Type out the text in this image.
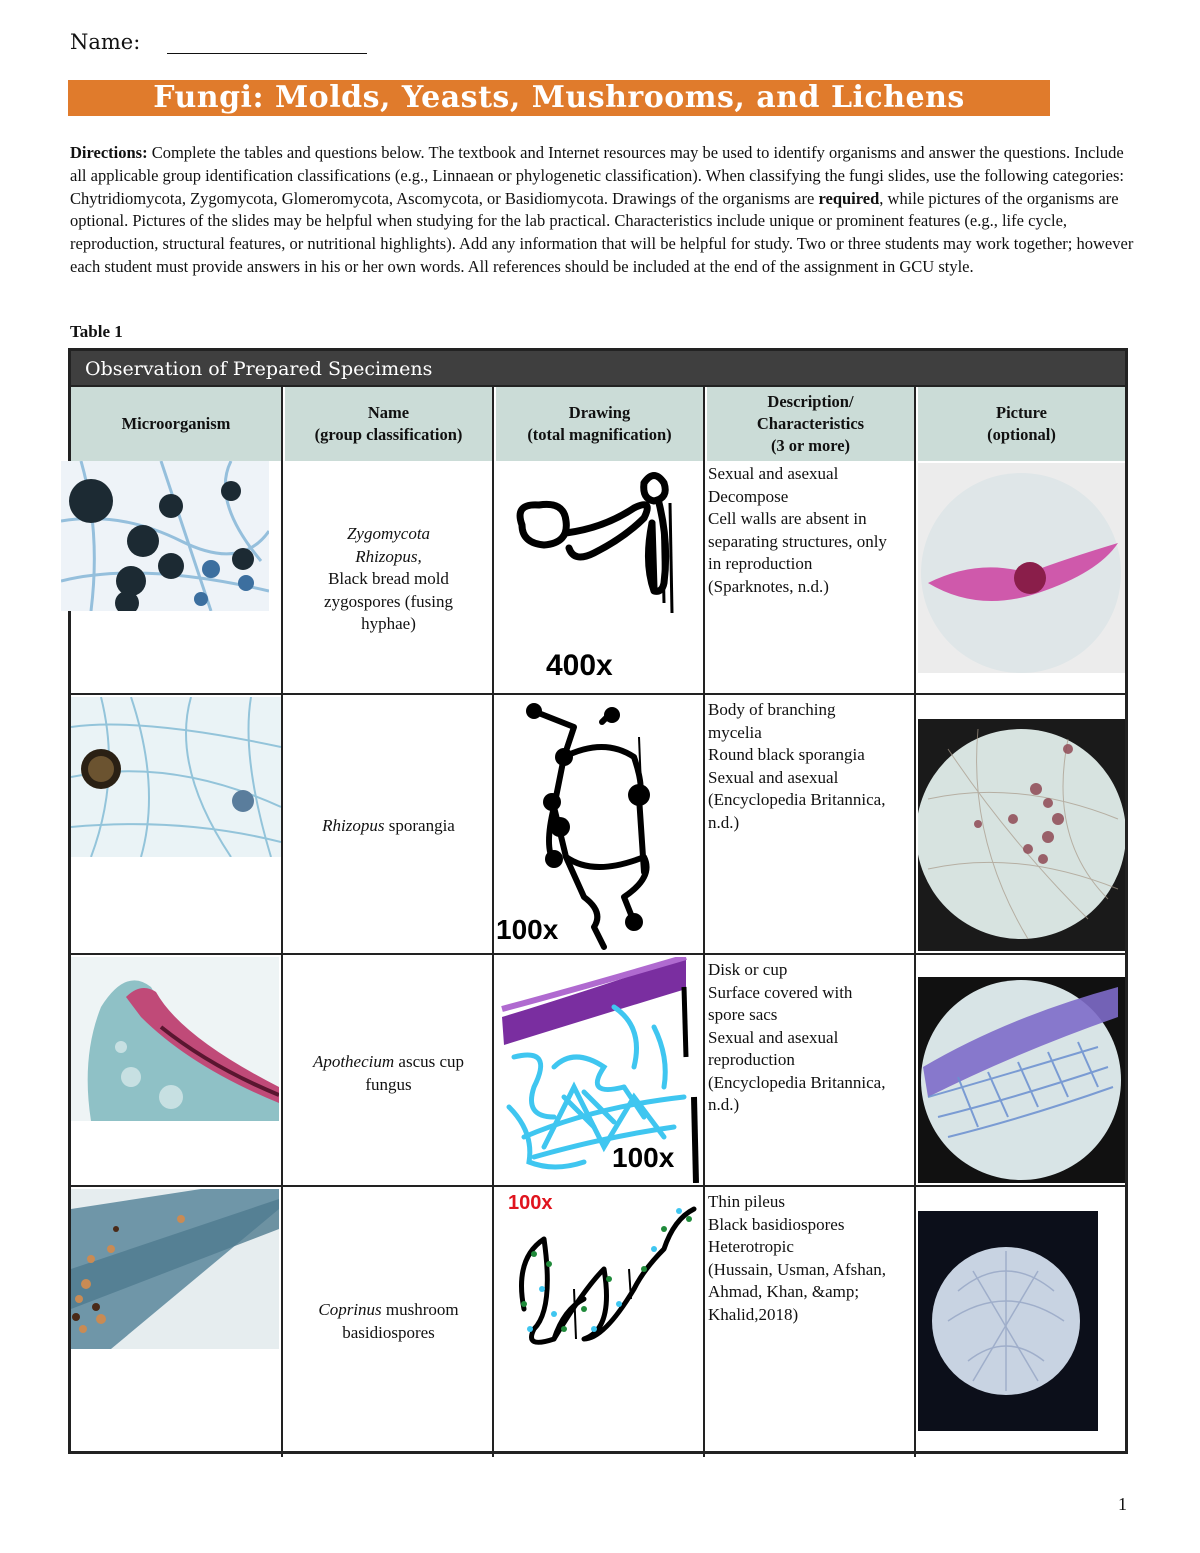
Name:
Fungi: Molds, Yeasts, Mushrooms, and Lichens
Directions: Complete the tables and questions below. The textbook and Internet resources may be used to identify organisms and answer the questions. Include all applicable group identification classifications (e.g., Linnaean or phylogenetic classification). When classifying the fungi slides, use the following categories: Chytridiomycota, Zygomycota, Glomeromycota, Ascomycota, or Basidiomycota. Drawings of the organisms are required, while pictures of the organisms are optional. Pictures of the slides may be helpful when studying for the lab practical. Characteristics include unique or prominent features (e.g., life cycle, reproduction, structural features, or nutritional highlights). Add any information that will be helpful for study. Two or three students may work together; however each student must provide answers in his or her own words. All references should be included at the end of the assignment in GCU style.
Table 1
Observation of Prepared Specimens
Microorganism
Name
(group classification)
Drawing
(total magnification)
Description/
Characteristics
(3 or more)
Picture
(optional)
Zygomycota
Rhizopus,
Black bread mold
zygospores (fusing
hyphae)
400x
Sexual and asexual
Decompose
Cell walls are absent in
separating structures, only
in reproduction
(Sparknotes, n.d.)
Rhizopus sporangia
100x
Body of branching
mycelia
Round black sporangia
Sexual and asexual
(Encyclopedia Britannica,
n.d.)
Apothecium ascus cup
fungus
100x
Disk or cup
Surface covered with
spore sacs
Sexual and asexual
reproduction
(Encyclopedia Britannica,
n.d.)
Coprinus mushroom
basidiospores
100x	Thin pileus
Black basidiospores
Heterotropic
(Hussain, Usman, Afshan,
Ahmad, Khan, &amp;
Khalid,2018)
1
